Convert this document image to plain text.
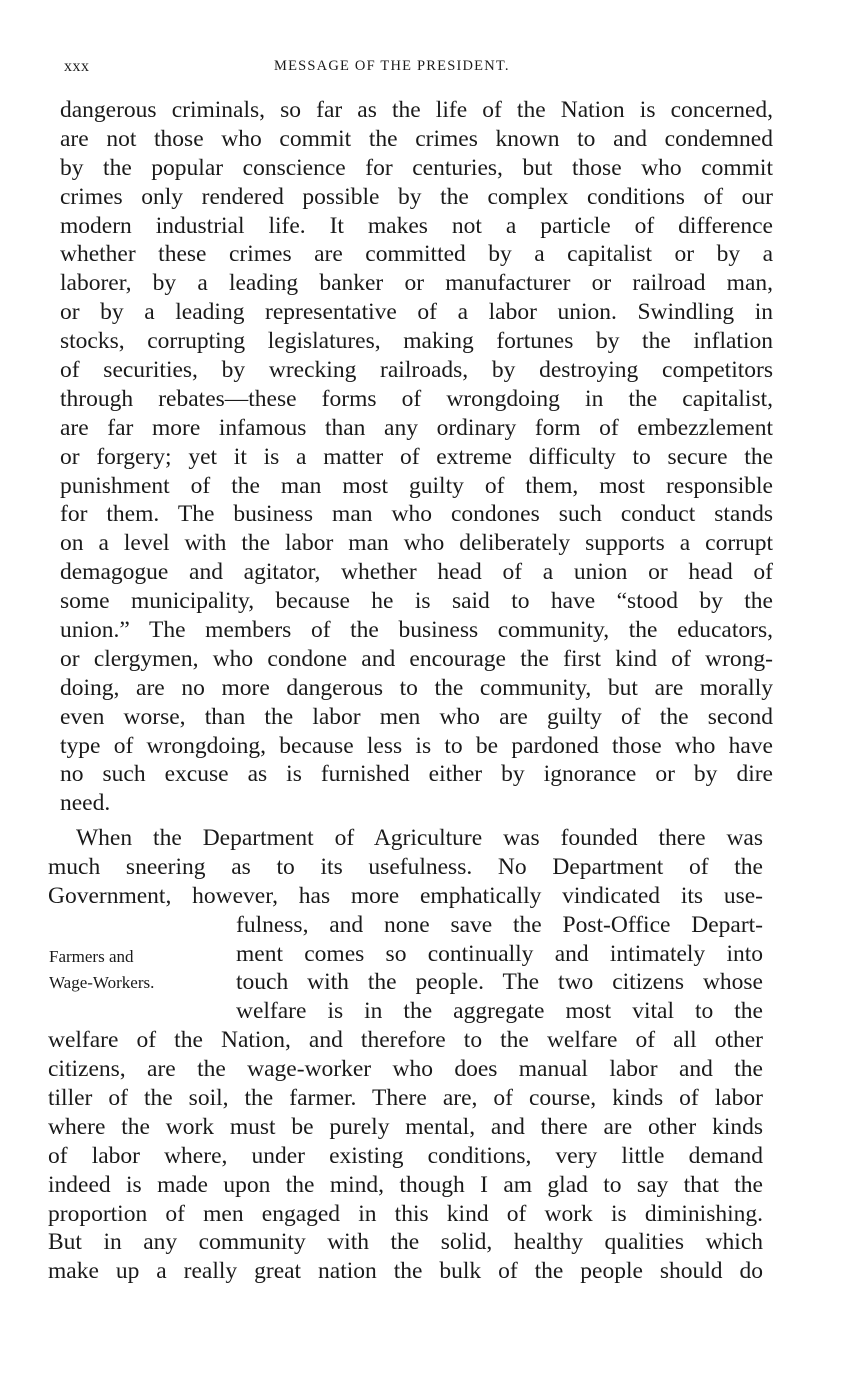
xxx	MESSAGE OF THE PRESIDENT.
dangerous criminals, so far as the life of the Nation is concerned,
are not those who commit the crimes known to and condemned
by the popular conscience for centuries, but those who commit
crimes only rendered possible by the complex conditions of our
modern industrial life. It makes not a particle of difference
whether these crimes are committed by a capitalist or by a
laborer, by a leading banker or manufacturer or railroad man,
or by a leading representative of a labor union. Swindling in
stocks, corrupting legislatures, making fortunes by the inflation
of securities, by wrecking railroads, by destroying competitors
through rebates—these forms of wrongdoing in the capitalist,
are far more infamous than any ordinary form of embezzlement
or forgery; yet it is a matter of extreme difficulty to secure the
punishment of the man most guilty of them, most responsible
for them. The business man who condones such conduct stands
on a level with the labor man who deliberately supports a corrupt
demagogue and agitator, whether head of a union or head of
some municipality, because he is said to have “stood by the
union.” The members of the business community, the educators,
or clergymen, who condone and encourage the first kind of wrong-
doing, are no more dangerous to the community, but are morally
even worse, than the labor men who are guilty of the second
type of wrongdoing, because less is to be pardoned those who have
no such excuse as is furnished either by ignorance or by dire
need.
Farmers and
Wage-Workers.
When the Department of Agriculture was founded there was
much sneering as to its usefulness. No Department of the
Government, however, has more emphatically vindicated its use-
fulness, and none save the Post-Office Depart-
ment comes so continually and intimately into
touch with the people. The two citizens whose
welfare is in the aggregate most vital to the
welfare of the Nation, and therefore to the welfare of all other
citizens, are the wage-worker who does manual labor and the
tiller of the soil, the farmer. There are, of course, kinds of labor
where the work must be purely mental, and there are other kinds
of labor where, under existing conditions, very little demand
indeed is made upon the mind, though I am glad to say that the
proportion of men engaged in this kind of work is diminishing.
But in any community with the solid, healthy qualities which
make up a really great nation the bulk of the people should do
